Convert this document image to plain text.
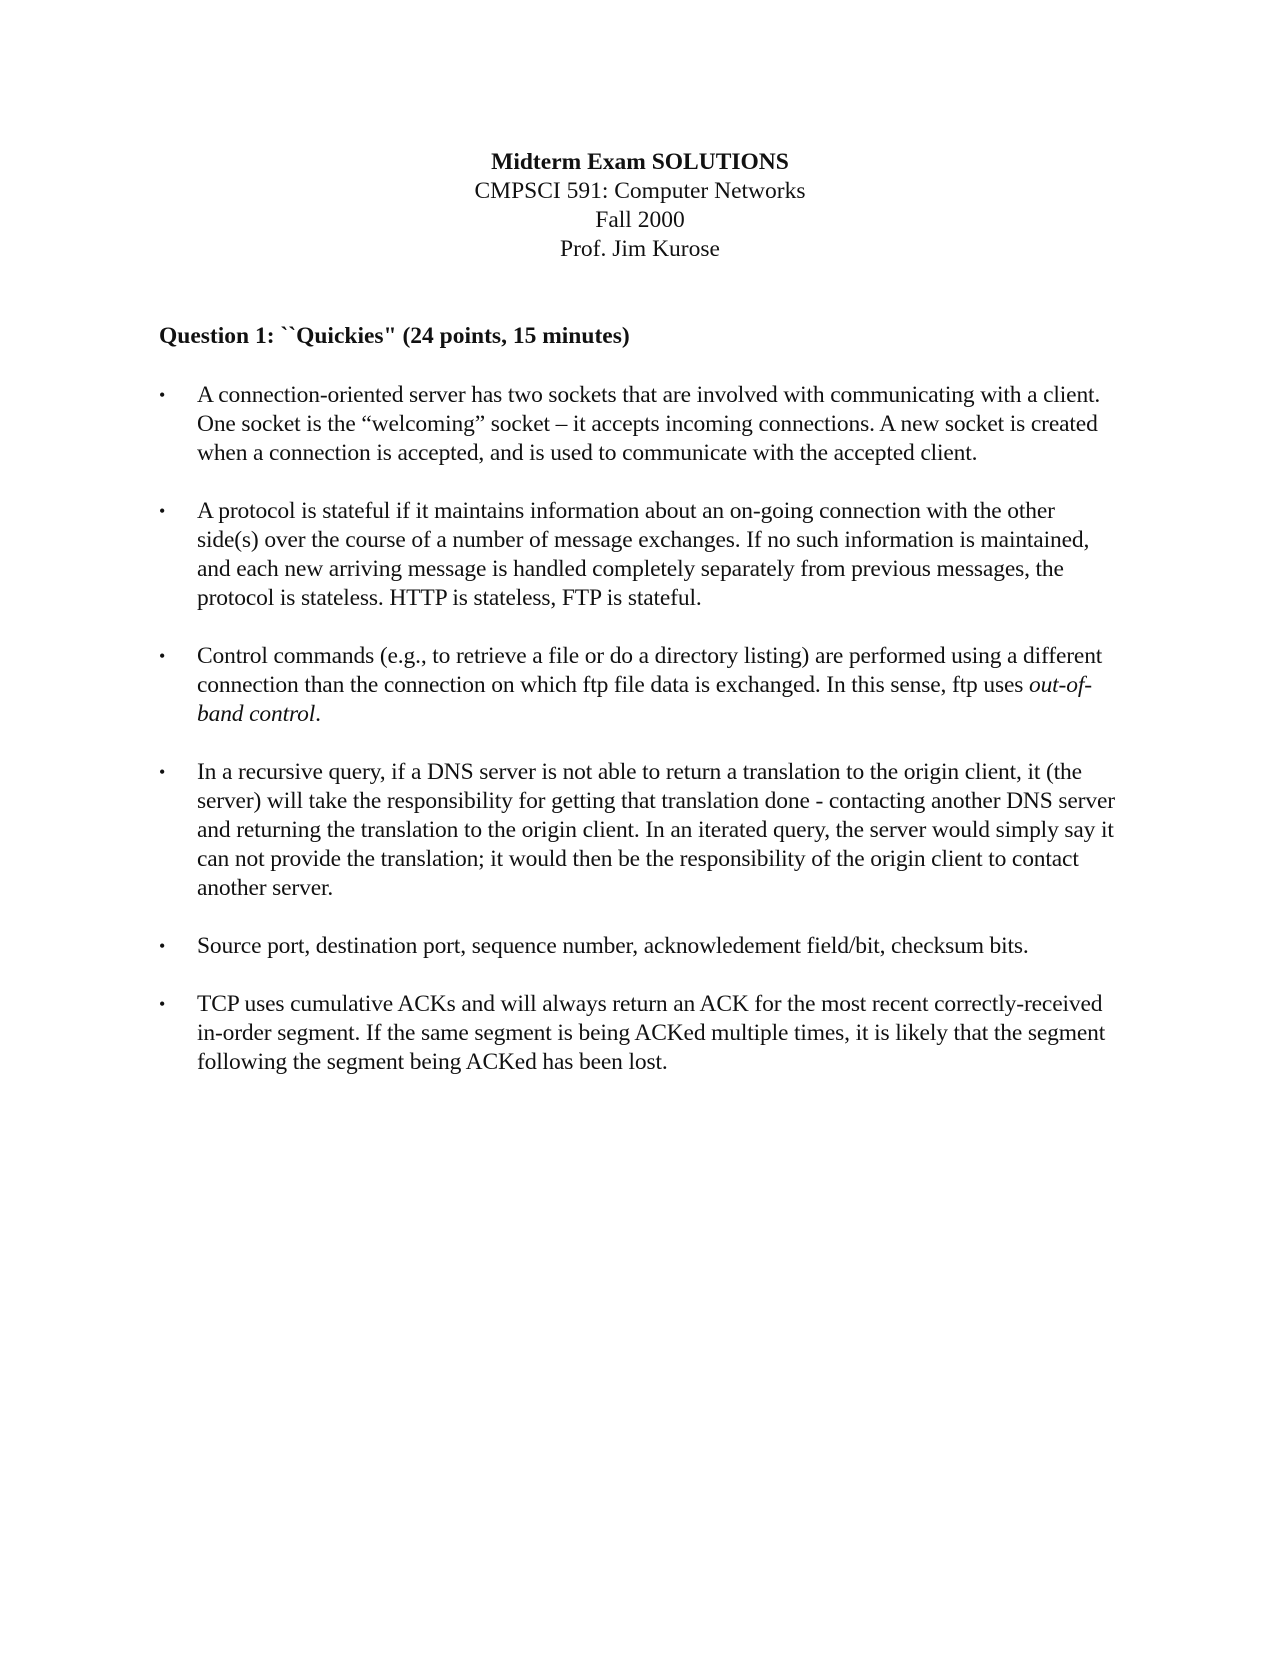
Midterm Exam SOLUTIONS
CMPSCI 591: Computer Networks
Fall 2000
Prof. Jim Kurose
Question 1: ``Quickies" (24 points, 15 minutes)
•	A connection-oriented server has two sockets that are involved with communicating with a client. One socket is the “welcoming” socket – it accepts incoming connections. A new socket is created when a connection is accepted, and is used to communicate with the accepted client.
•	A protocol is stateful if it maintains information about an on-going connection with the other side(s) over the course of a number of message exchanges. If no such information is maintained, and each new arriving message is handled completely separately from previous messages, the protocol is stateless. HTTP is stateless, FTP is stateful.
•	Control commands (e.g., to retrieve a file or do a directory listing) are performed using a different connection than the connection on which ftp file data is exchanged. In this sense, ftp uses out-of-band control.
•	In a recursive query, if a DNS server is not able to return a translation to the origin client, it (the server) will take the responsibility for getting that translation done - contacting another DNS server and returning the translation to the origin client. In an iterated query, the server would simply say it can not provide the translation; it would then be the responsibility of the origin client to contact another server.
•	Source port, destination port, sequence number, acknowledement field/bit, checksum bits.
•	TCP uses cumulative ACKs and will always return an ACK for the most recent correctly-received in-order segment. If the same segment is being ACKed multiple times, it is likely that the segment following the segment being ACKed has been lost.
